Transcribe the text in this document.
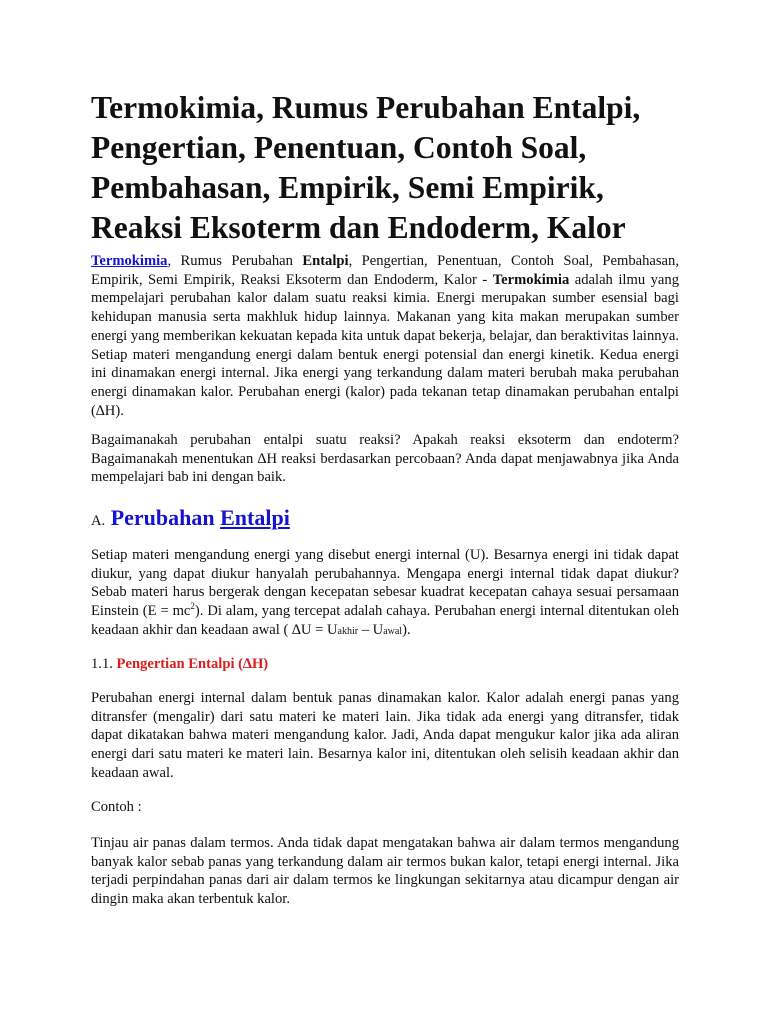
Termokimia, Rumus Perubahan Entalpi, Pengertian, Penentuan, Contoh Soal, Pembahasan, Empirik, Semi Empirik, Reaksi Eksoterm dan Endoderm, Kalor

Termokimia, Rumus Perubahan Entalpi, Pengertian, Penentuan, Contoh Soal, Pembahasan, Empirik, Semi Empirik, Reaksi Eksoterm dan Endoderm, Kalor - Termokimia adalah ilmu yang mempelajari perubahan kalor dalam suatu reaksi kimia. Energi merupakan sumber esensial bagi kehidupan manusia serta makhluk hidup lainnya. Makanan yang kita makan merupakan sumber energi yang memberikan kekuatan kepada kita untuk dapat bekerja, belajar, dan beraktivitas lainnya. Setiap materi mengandung energi dalam bentuk energi potensial dan energi kinetik. Kedua energi ini dinamakan energi internal. Jika energi yang terkandung dalam materi berubah maka perubahan energi dinamakan kalor. Perubahan energi (kalor) pada tekanan tetap dinamakan perubahan entalpi (∆H).

Bagaimanakah perubahan entalpi suatu reaksi? Apakah reaksi eksoterm dan endoterm? Bagaimanakah menentukan ∆H reaksi berdasarkan percobaan? Anda dapat menjawabnya jika Anda mempelajari bab ini dengan baik.

A. Perubahan Entalpi

Setiap materi mengandung energi yang disebut energi internal (U). Besarnya energi ini tidak dapat diukur, yang dapat diukur hanyalah perubahannya. Mengapa energi internal tidak dapat diukur? Sebab materi harus bergerak dengan kecepatan sebesar kuadrat kecepatan cahaya sesuai persamaan Einstein $(E = mc^2)$. Di alam, yang tercepat adalah cahaya. Perubahan energi internal ditentukan oleh keadaan akhir dan keadaan awal ( ∆U = Uakhir – Uawal).

1.1. Pengertian Entalpi (∆H)

Perubahan energi internal dalam bentuk panas dinamakan kalor. Kalor adalah energi panas yang ditransfer (mengalir) dari satu materi ke materi lain. Jika tidak ada energi yang ditransfer, tidak dapat dikatakan bahwa materi mengandung kalor. Jadi, Anda dapat mengukur kalor jika ada aliran energi dari satu materi ke materi lain. Besarnya kalor ini, ditentukan oleh selisih keadaan akhir dan keadaan awal.

Contoh :

Tinjau air panas dalam termos. Anda tidak dapat mengatakan bahwa air dalam termos mengandung banyak kalor sebab panas yang terkandung dalam air termos bukan kalor, tetapi energi internal. Jika terjadi perpindahan panas dari air dalam termos ke lingkungan sekitarnya atau dicampur dengan air dingin maka akan terbentuk kalor.
